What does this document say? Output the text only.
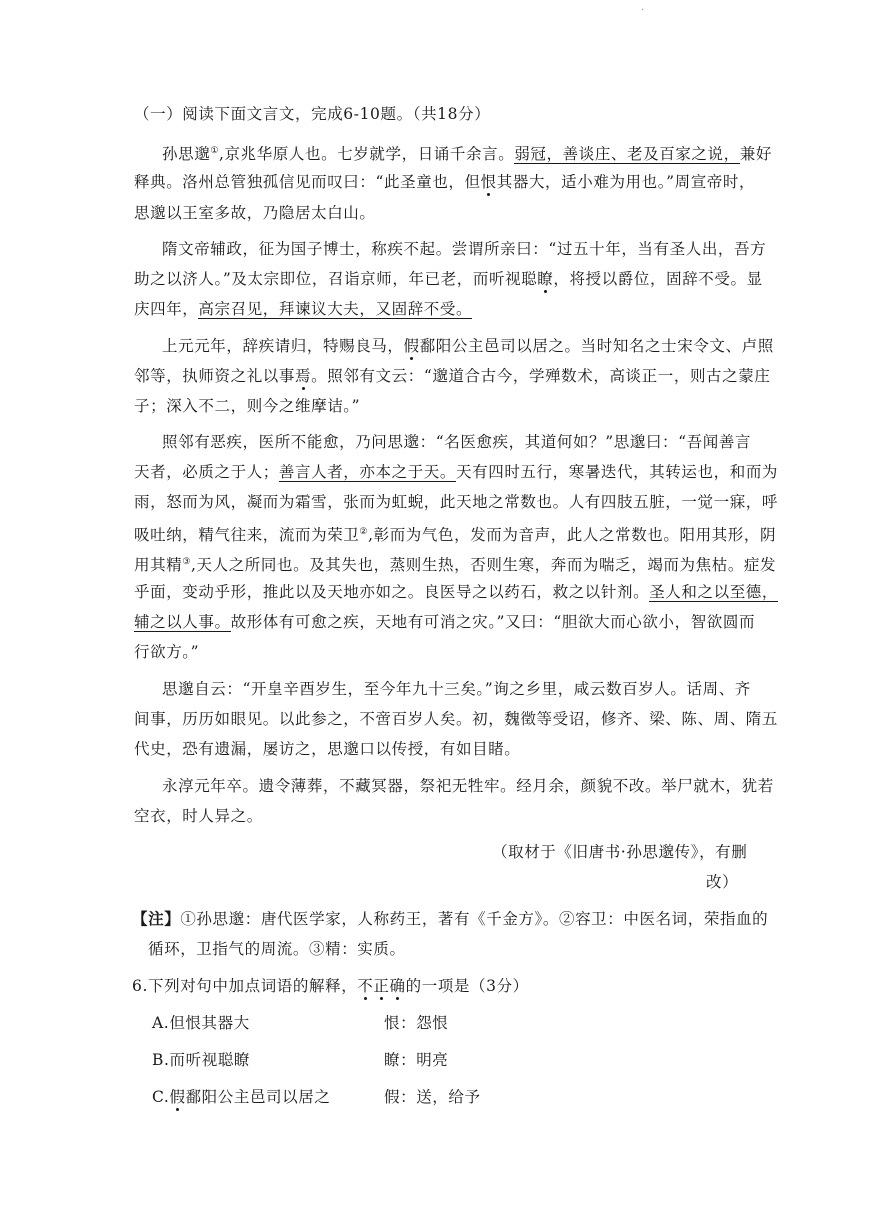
.
（一）阅读下面文言文，完成6-10题。（共18分）
孙思邈①,京兆华原人也。七岁就学，日诵千余言。弱冠，善谈庄、老及百家之说，兼好
释典。洛州总管独孤信见而叹曰：“此圣童也，但恨其器大，适小难为用也。”周宣帝时，
思邈以王室多故，乃隐居太白山。
隋文帝辅政，征为国子博士，称疾不起。尝谓所亲曰：“过五十年，当有圣人出，吾方
助之以济人。”及太宗即位，召诣京师，年已老，而听视聪瞭，将授以爵位，固辞不受。显
庆四年，高宗召见，拜谏议大夫，又固辞不受。
上元元年，辞疾请归，特赐良马，假鄱阳公主邑司以居之。当时知名之士宋令文、卢照
邻等，执师资之礼以事焉。照邻有文云：“邈道合古今，学殚数术，高谈正一，则古之蒙庄
子；深入不二，则今之维摩诘。”
照邻有恶疾，医所不能愈，乃问思邈：“名医愈疾，其道何如？”思邈曰：“吾闻善言
天者，必质之于人；善言人者，亦本之于天。天有四时五行，寒暑迭代，其转运也，和而为
雨，怒而为风，凝而为霜雪，张而为虹蜺，此天地之常数也。人有四肢五脏，一觉一寐，呼
吸吐纳，精气往来，流而为荣卫②,彰而为气色，发而为音声，此人之常数也。阳用其形，阴
用其精③,天人之所同也。及其失也，蒸则生热，否则生寒，奔而为喘乏，竭而为焦枯。症发
乎面，变动乎形，推此以及天地亦如之。良医导之以药石，救之以针剂。圣人和之以至德，
辅之以人事。故形体有可愈之疾，天地有可消之灾。”又曰：“胆欲大而心欲小，智欲圆而
行欲方。”
思邈自云：“开皇辛酉岁生，至今年九十三矣。”询之乡里，咸云数百岁人。话周、齐
间事，历历如眼见。以此参之，不啻百岁人矣。初，魏徵等受诏，修齐、梁、陈、周、隋五
代史，恐有遗漏，屡访之，思邈口以传授，有如目睹。
永淳元年卒。遗令薄葬，不藏冥器，祭祀无牲牢。经月余，颜貌不改。举尸就木，犹若
空衣，时人异之。
（取材于《旧唐书·孙思邈传》，有删
改）
【注】①孙思邈：唐代医学家，人称药王，著有《千金方》。②容卫：中医名词，荣指血的
循环，卫指气的周流。③精：实质。
6.下列对句中加点词语的解释，不正确的一项是（3分）
A.但恨其器大	恨：怨恨
B.而听视聪瞭	瞭：明亮
C.假鄱阳公主邑司以居之	假：送，给予
